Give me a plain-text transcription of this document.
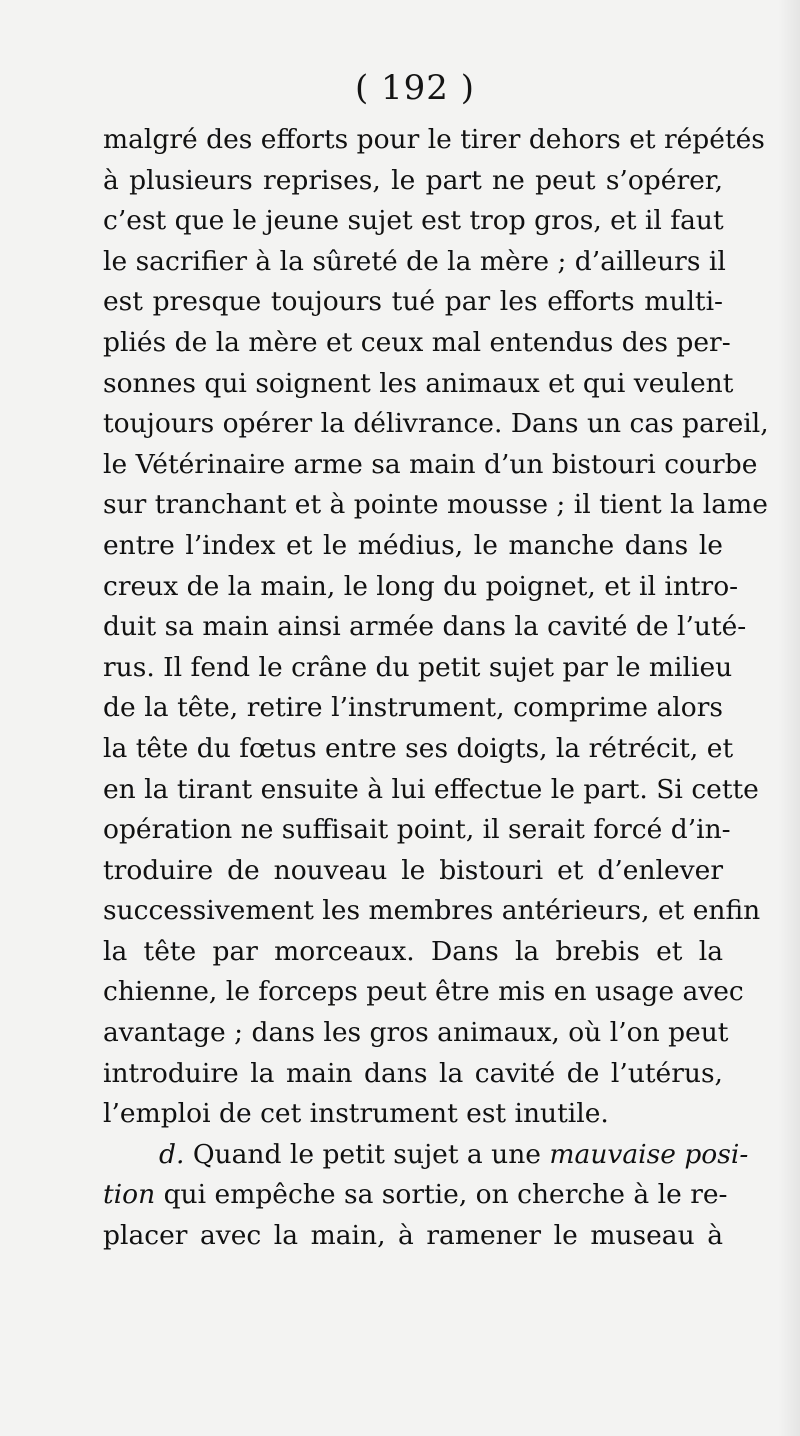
( 192 )
malgré des efforts pour le tirer dehors et répétés
à plusieurs reprises, le part ne peut s’opérer,
c’est que le jeune sujet est trop gros, et il faut
le sacrifier à la sûreté de la mère ; d’ailleurs il
est presque toujours tué par les efforts multi-
pliés de la mère et ceux mal entendus des per-
sonnes qui soignent les animaux et qui veulent
toujours opérer la délivrance. Dans un cas pareil,
le Vétérinaire arme sa main d’un bistouri courbe
sur tranchant et à pointe mousse ; il tient la lame
entre l’index et le médius, le manche dans le
creux de la main, le long du poignet, et il intro-
duit sa main ainsi armée dans la cavité de l’uté-
rus. Il fend le crâne du petit sujet par le milieu
de la tête, retire l’instrument, comprime alors
la tête du fœtus entre ses doigts, la rétrécit, et
en la tirant ensuite à lui effectue le part. Si cette
opération ne suffisait point, il serait forcé d’in-
troduire de nouveau le bistouri et d’enlever
successivement les membres antérieurs, et enfin
la tête par morceaux. Dans la brebis et la
chienne, le forceps peut être mis en usage avec
avantage ; dans les gros animaux, où l’on peut
introduire la main dans la cavité de l’utérus,
l’emploi de cet instrument est inutile.
d. Quand le petit sujet a une mauvaise posi-
tion qui empêche sa sortie, on cherche à le re-
placer avec la main, à ramener le museau à
